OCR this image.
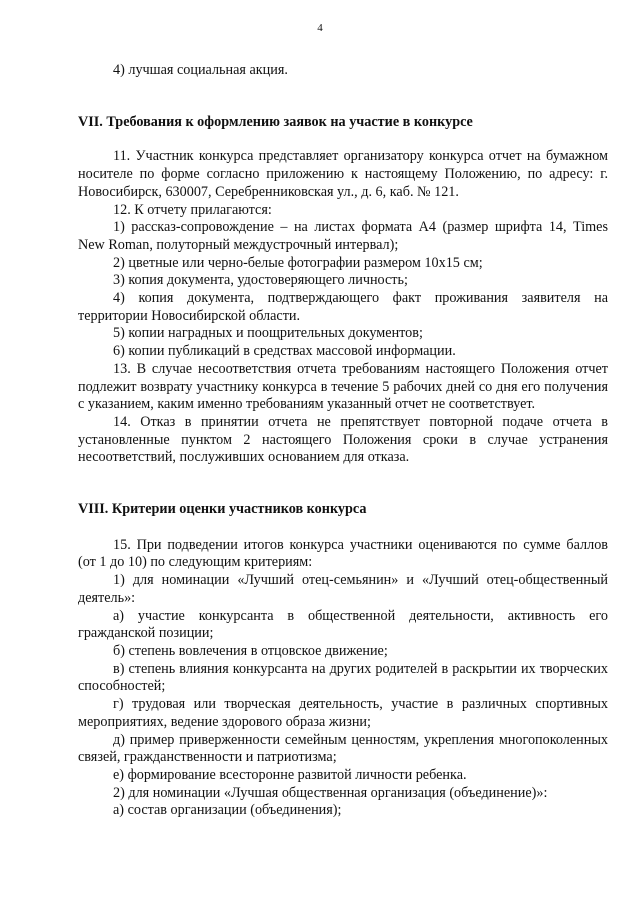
4

4) лучшая социальная акция.

VII. Требования к оформлению заявок на участие в конкурсе

11. Участник конкурса представляет организатору конкурса отчет на бумажном носителе по форме согласно приложению к настоящему Положению, по адресу: г. Новосибирск, 630007, Серебренниковская ул., д. 6, каб. № 121.

12. К отчету прилагаются:

1) рассказ-сопровождение – на листах формата А4 (размер шрифта 14, Times New Roman, полуторный междустрочный интервал);

2) цветные или черно-белые фотографии размером 10х15 см;

3) копия документа, удостоверяющего личность;

4) копия документа, подтверждающего факт проживания заявителя на территории Новосибирской области.

5) копии наградных и поощрительных документов;

6) копии публикаций в средствах массовой информации.

13. В случае несоответствия отчета требованиям настоящего Положения отчет подлежит возврату участнику конкурса в течение 5 рабочих дней со дня его получения с указанием, каким именно требованиям указанный отчет не соответствует.

14. Отказ в принятии отчета не препятствует повторной подаче отчета в установленные пунктом 2 настоящего Положения сроки в случае устранения несоответствий, послуживших основанием для отказа.

VIII. Критерии оценки участников конкурса

15. При подведении итогов конкурса участники оцениваются по сумме баллов (от 1 до 10) по следующим критериям:

1) для номинации «Лучший отец-семьянин» и «Лучший отец-общественный деятель»:

а) участие конкурсанта в общественной деятельности, активность его гражданской позиции;

б) степень вовлечения в отцовское движение;

в) степень влияния конкурсанта на других родителей в раскрытии их творческих способностей;

г) трудовая или творческая деятельность, участие в различных спортивных мероприятиях, ведение здорового образа жизни;

д) пример приверженности семейным ценностям, укрепления многопоколенных связей, гражданственности и патриотизма;

е) формирование всесторонне развитой личности ребенка.

2) для номинации «Лучшая общественная организация (объединение)»:

а) состав организации (объединения);
